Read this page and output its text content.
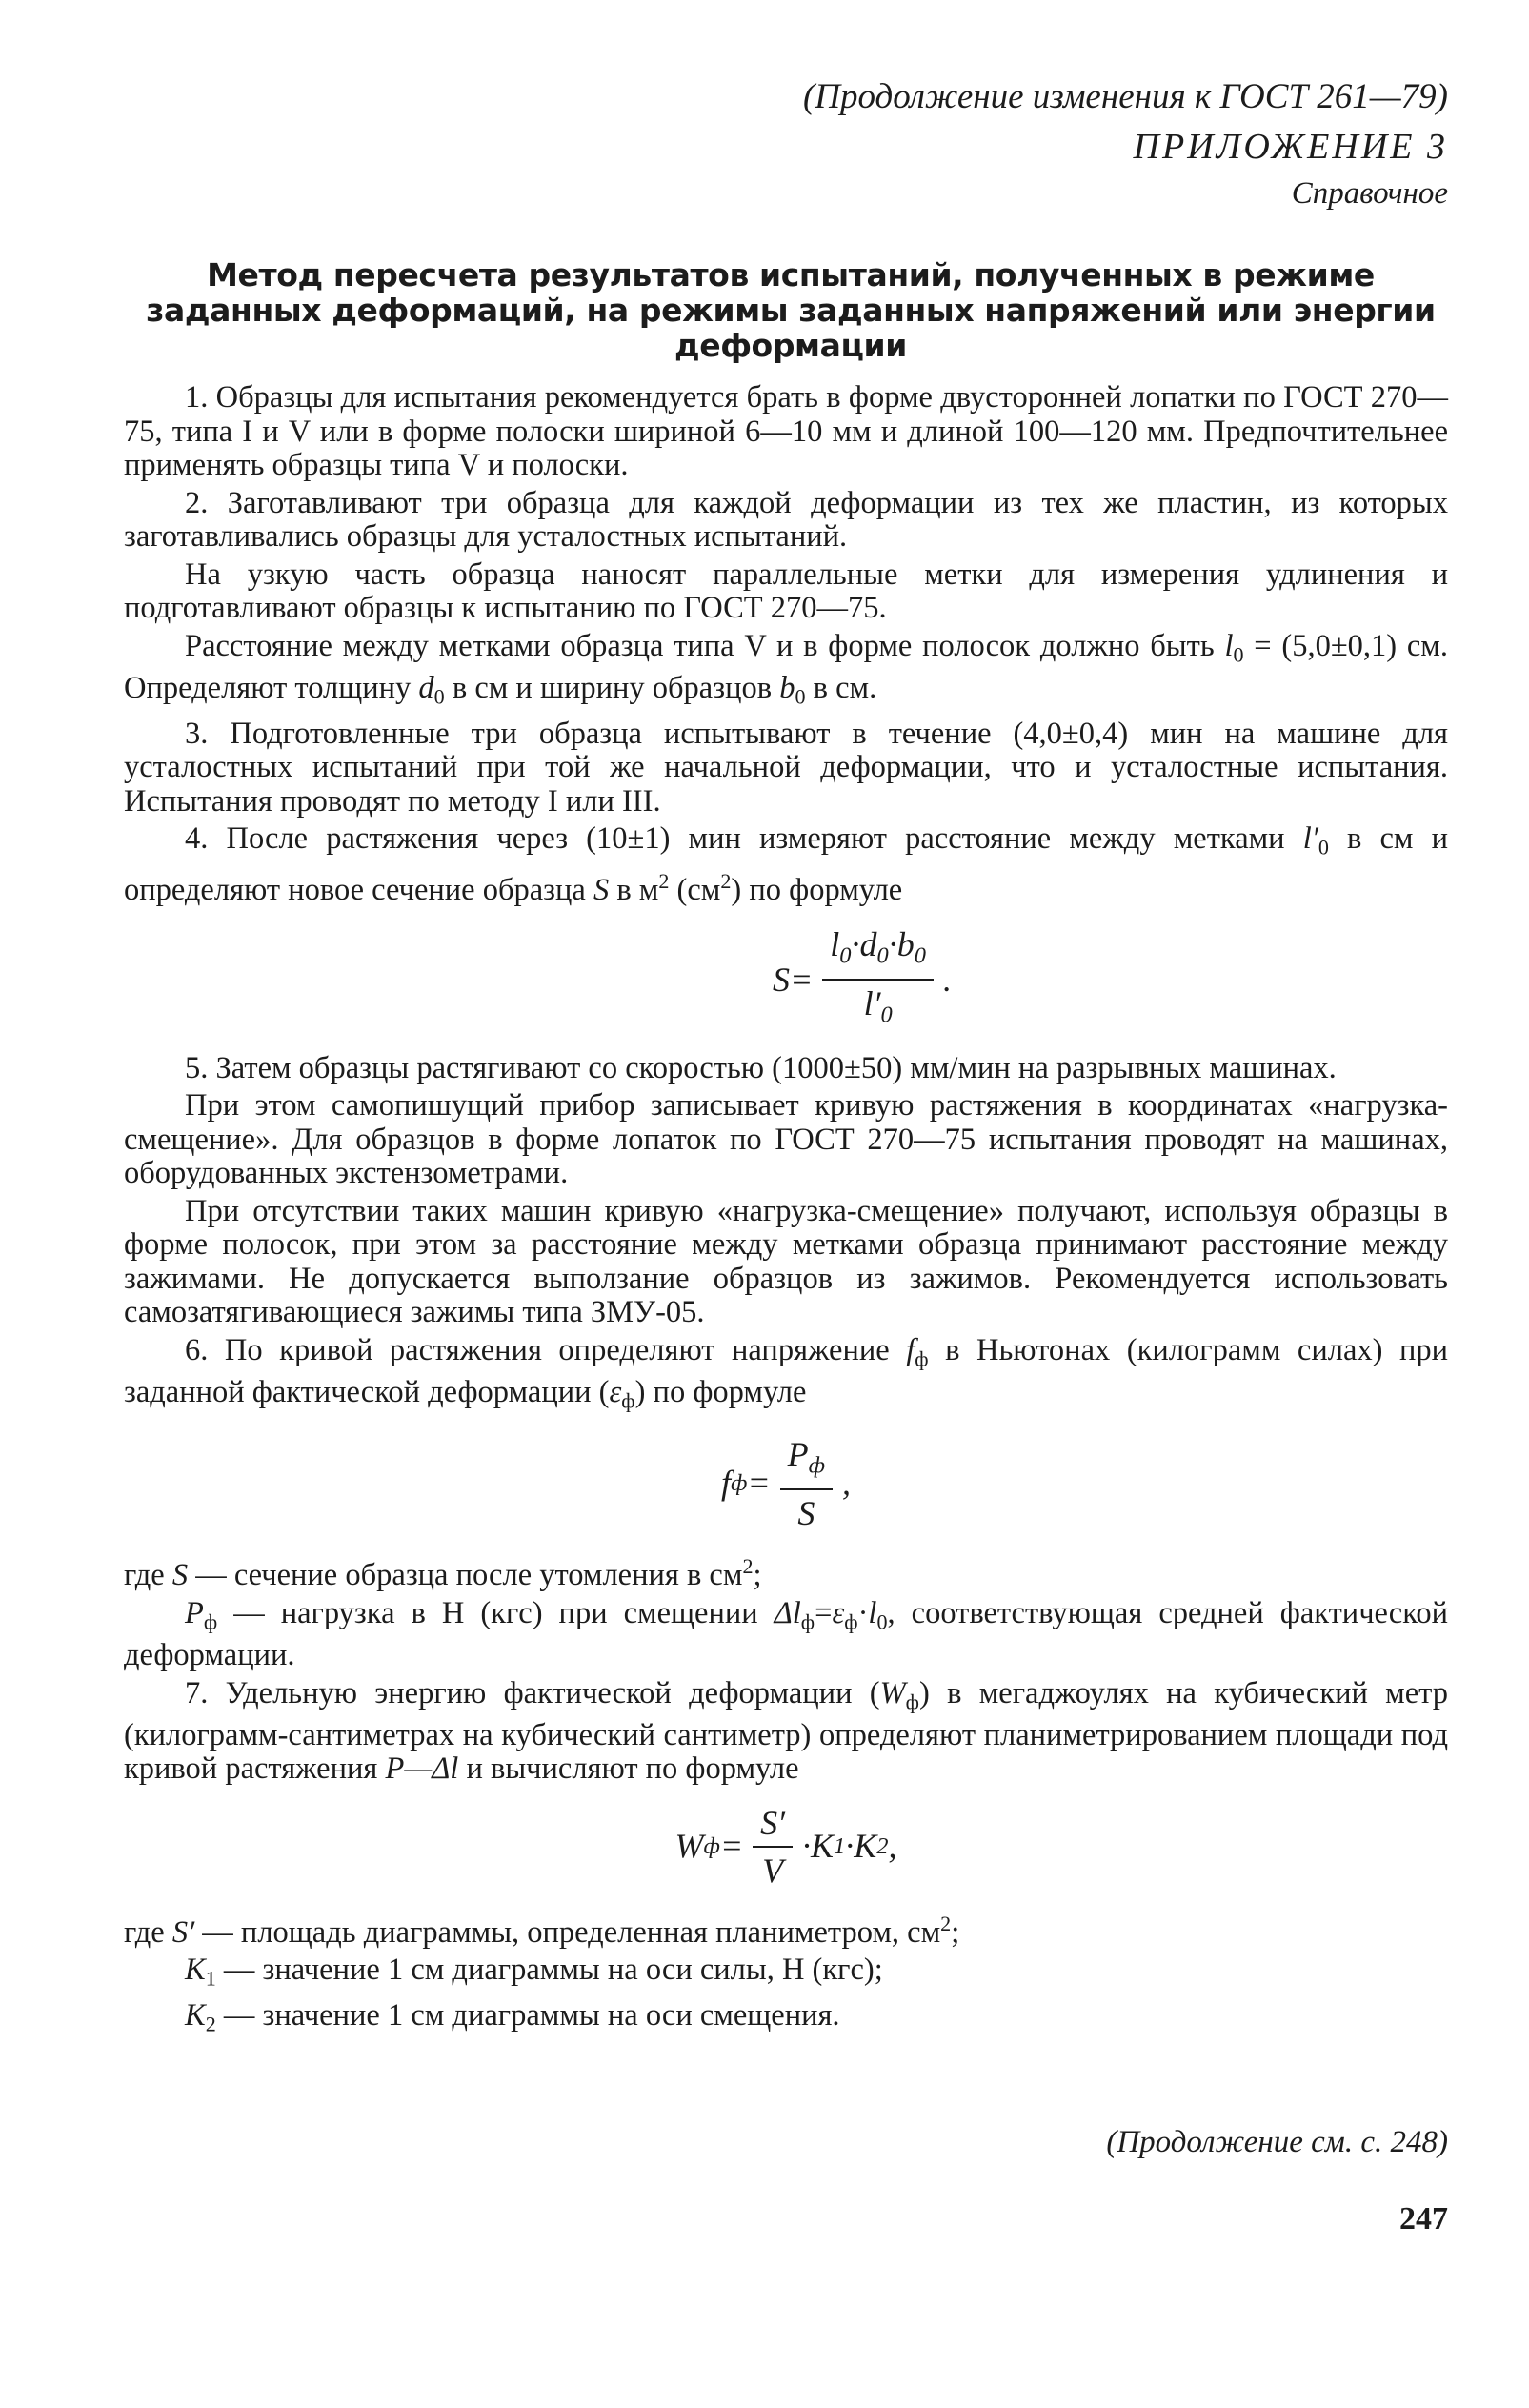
(Продолжение изменения к ГОСТ 261—79)
ПРИЛОЖЕНИЕ 3
Справочное
Метод пересчета результатов испытаний, полученных в режиме заданных деформаций, на режимы заданных напряжений или энергии деформации

1. Образцы для испытания рекомендуется брать в форме двусторонней лопатки по ГОСТ 270—75, типа I и V или в форме полоски шириной 6—10 мм и длиной 100—120 мм. Предпочтительнее применять образцы типа V и полоски.

2. Заготавливают три образца для каждой деформации из тех же пластин, из которых заготавливались образцы для усталостных испытаний.

На узкую часть образца наносят параллельные метки для измерения удлинения и подготавливают образцы к испытанию по ГОСТ 270—75.

Расстояние между метками образца типа V и в форме полосок должно быть $l_0 = (5,0\pm 0,1)$ см. Определяют толщину $d_0$ в см и ширину образцов $b_0$ в см.

3. Подготовленные три образца испытывают в течение (4,0±0,4) мин на машине для усталостных испытаний при той же начальной деформации, что и усталостные испытания. Испытания проводят по методу I или III.

4. После растяжения через (10±1) мин измеряют расстояние между метками $l'_0$ в см и определяют новое сечение образца S в $м^2$ $(см^2)$ по формуле

$S = \frac{l_0\cdot d_0\cdot b_0}{l'_0}$ .

5. Затем образцы растягивают со скоростью (1000±50) мм/мин на разрывных машинах.

При этом самопишущий прибор записывает кривую растяжения в координатах «нагрузка-смещение». Для образцов в форме лопаток по ГОСТ 270—75 испытания проводят на машинах, оборудованных экстензометрами.

При отсутствии таких машин кривую «нагрузка-смещение» получают, используя образцы в форме полосок, при этом за расстояние между метками образца принимают расстояние между зажимами. Не допускается выползание образцов из зажимов. Рекомендуется использовать самозатягивающиеся зажимы типа ЗМУ-05.

6. По кривой растяжения определяют напряжение $f_ф$ в Ньютонах (килограмм силах) при заданной фактической деформации $(\varepsilon_ф)$ по формуле

f $ф = \frac{P_ф}{S}$ ,

где S — сечение образца после утомления в $см^2$;

$P_ф$ — нагрузка в Н (кгс) при смещении $\Delta l_ф=\varepsilon_ф\cdot l_0$, соответствующая средней фактической деформации.

7. Удельную энергию фактической деформации $(W_ф)$ в мегаджоулях на кубический метр (килограмм-сантиметрах на кубический сантиметр) определяют планиметрированием площади под кривой растяжения P—Δl и вычисляют по формуле

W $ф = \frac{S'}{V} \cdot K$ 1 · K 2 ,

где S′ — площадь диаграммы, определенная планиметром, $см^2$;

$K_1$ — значение 1 см диаграммы на оси силы, Н (кгс);

$K_2$ — значение 1 см диаграммы на оси смещения.

(Продолжение см. с. 248)
247
